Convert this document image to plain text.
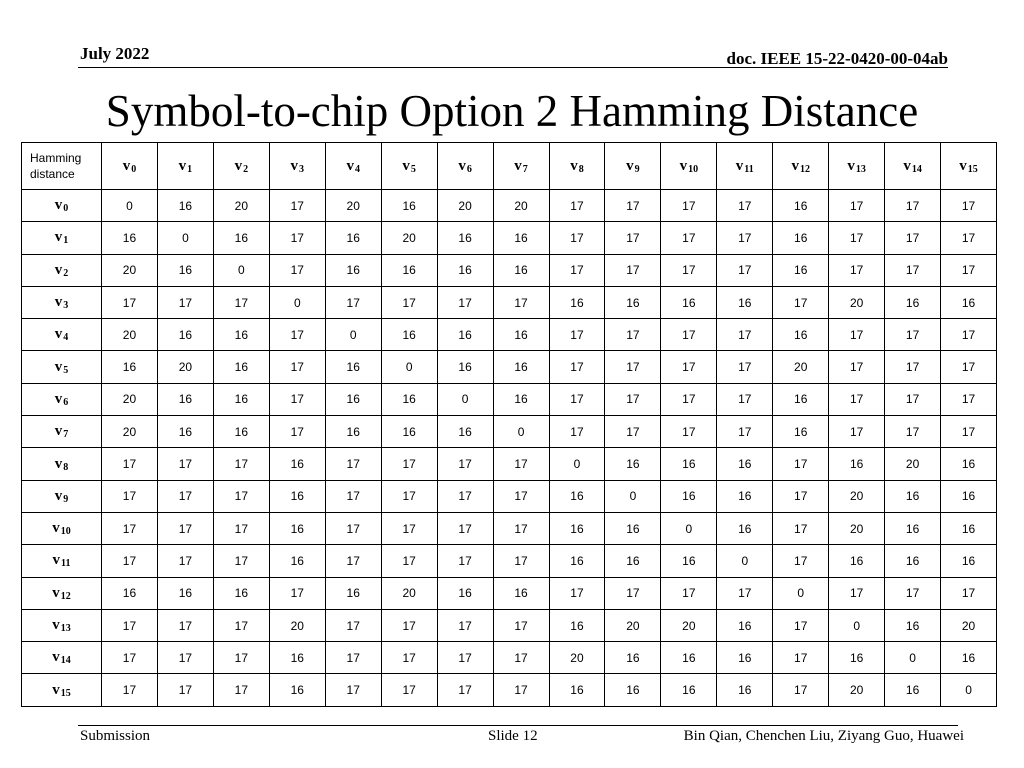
July 2022	doc. IEEE 15-22-0420-00-04ab
Symbol-to-chip Option 2 Hamming Distance
Hamming
distance	$v_0$	$v_1$	$v_2$	$v_3$	$v_4$	$v_5$	$v_6$	$v_7$	$v_8$	$v_9$	$v_{10}$	$v_{11}$	$v_{12}$	$v_{13}$	$v_{14}$	$v_{15}$
$v_0$	0	16	20	17	20	16	20	20	17	17	17	17	16	17	17	17
$v_1$	16	0	16	17	16	20	16	16	17	17	17	17	16	17	17	17
$v_2$	20	16	0	17	16	16	16	16	17	17	17	17	16	17	17	17
$v_3$	17	17	17	0	17	17	17	17	16	16	16	16	17	20	16	16
$v_4$	20	16	16	17	0	16	16	16	17	17	17	17	16	17	17	17
$v_5$	16	20	16	17	16	0	16	16	17	17	17	17	20	17	17	17
$v_6$	20	16	16	17	16	16	0	16	17	17	17	17	16	17	17	17
$v_7$	20	16	16	17	16	16	16	0	17	17	17	17	16	17	17	17
$v_8$	17	17	17	16	17	17	17	17	0	16	16	16	17	16	20	16
$v_9$	17	17	17	16	17	17	17	17	16	0	16	16	17	20	16	16
$v_{10}$	17	17	17	16	17	17	17	17	16	16	0	16	17	20	16	16
$v_{11}$	17	17	17	16	17	17	17	17	16	16	16	0	17	16	16	16
$v_{12}$	16	16	16	17	16	20	16	16	17	17	17	17	0	17	17	17
$v_{13}$	17	17	17	20	17	17	17	17	16	20	20	16	17	0	16	20
$v_{14}$	17	17	17	16	17	17	17	17	20	16	16	16	17	16	0	16
$v_{15}$	17	17	17	16	17	17	17	17	16	16	16	16	17	20	16	0
Submission	Slide 12	Bin Qian, Chenchen Liu, Ziyang Guo, Huawei
